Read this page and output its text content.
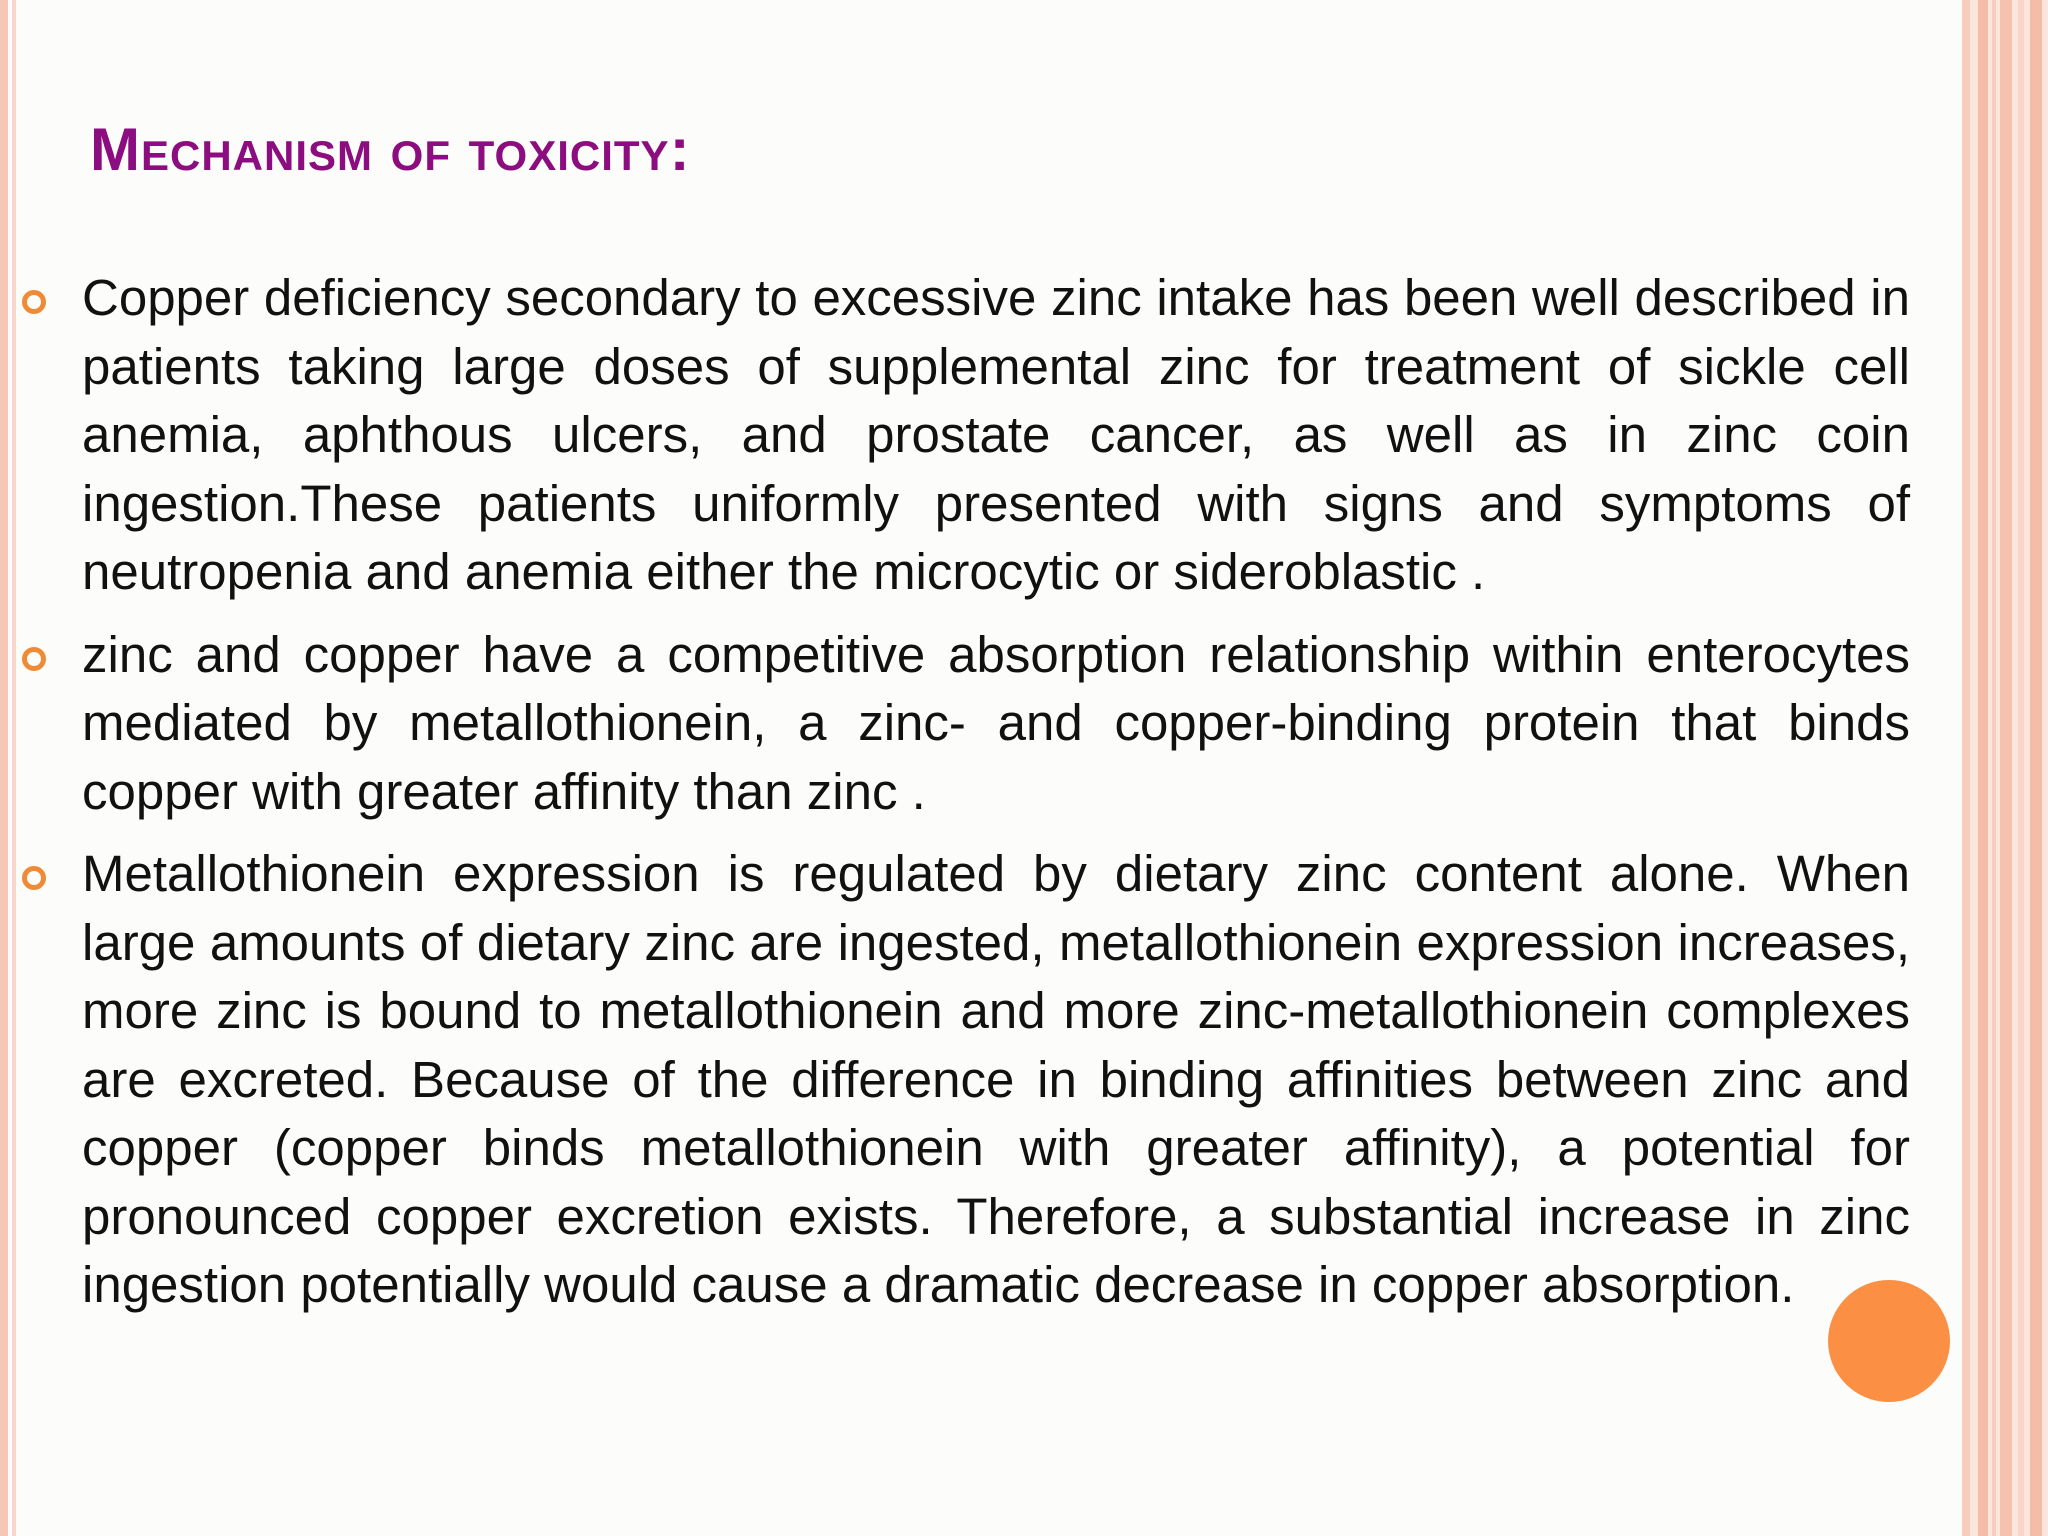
Mechanism of toxicity:
Copper deficiency secondary to excessive zinc intake has been well described in patients taking large doses of supplemental zinc for treatment of sickle cell anemia, aphthous ulcers, and prostate cancer, as well as in zinc coin ingestion.These patients uniformly presented with signs and symptoms of neutropenia and anemia either the microcytic or sideroblastic .
zinc and copper have a competitive absorption relationship within enterocytes mediated by metallothionein, a zinc- and copper-binding protein that binds copper with greater affinity than zinc .
Metallothionein expression is regulated by dietary zinc content alone. When large amounts of dietary zinc are ingested, metallothionein expression increases, more zinc is bound to metallothionein and more zinc-metallothionein complexes are excreted. Because of the difference in binding affinities between zinc and copper (copper binds metallothionein with greater affinity), a potential for pronounced copper excretion exists. Therefore, a substantial increase in zinc ingestion potentially would cause a dramatic decrease in copper absorption.
